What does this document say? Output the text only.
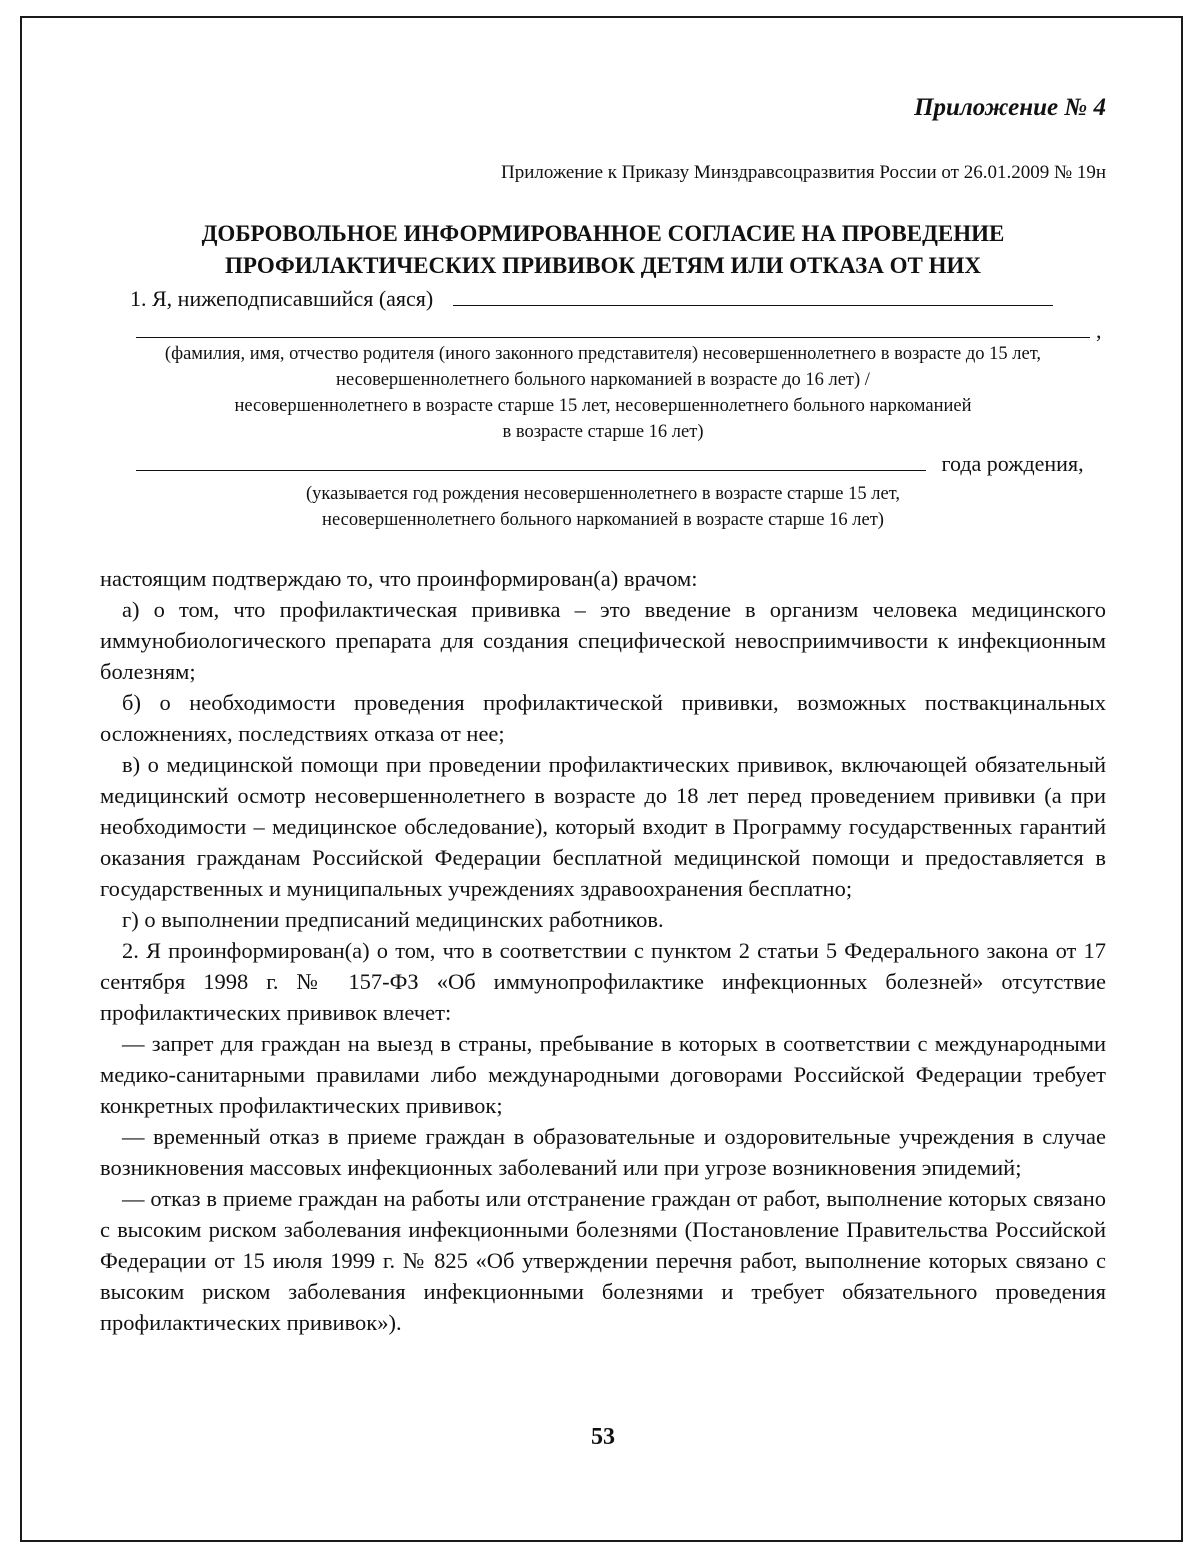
Приложение № 4
Приложение к Приказу Минздравсоцразвития России от 26.01.2009 № 19н
ДОБРОВОЛЬНОЕ ИНФОРМИРОВАННОЕ СОГЛАСИЕ НА ПРОВЕДЕНИЕ
ПРОФИЛАКТИЧЕСКИХ ПРИВИВОК ДЕТЯМ ИЛИ ОТКАЗА ОТ НИХ
1. Я, нижеподписавшийся (аяся)
,
(фамилия, имя, отчество родителя (иного законного представителя) несовершеннолетнего в возрасте до 15 лет,
несовершеннолетнего больного наркоманией в возрасте до 16 лет) /
несовершеннолетнего в возрасте старше 15 лет, несовершеннолетнего больного наркоманией
в возрасте старше 16 лет)
года рождения,
(указывается год рождения несовершеннолетнего в возрасте старше 15 лет,
несовершеннолетнего больного наркоманией в возрасте старше 16 лет)

настоящим подтверждаю то, что проинформирован(а) врачом:

а) о том, что профилактическая прививка – это введение в организм человека медицинского иммунобиологического препарата для создания специфической невосприимчивости к инфекционным болезням;

б) о необходимости проведения профилактической прививки, возможных поствакцинальных осложнениях, последствиях отказа от нее;

в) о медицинской помощи при проведении профилактических прививок, включающей обязательный медицинский осмотр несовершеннолетнего в возрасте до 18 лет перед проведением прививки (а при необходимости – медицинское обследование), который входит в Программу государственных гарантий оказания гражданам Российской Федерации бесплатной медицинской помощи и предоставляется в государственных и муниципальных учреждениях здравоохранения бесплатно;

г) о выполнении предписаний медицинских работников.

2. Я проинформирован(а) о том, что в соответствии с пунктом 2 статьи 5 Федерального закона от 17 сентября 1998 г. № 157-ФЗ «Об иммунопрофилактике инфекционных болезней» отсутствие профилактических прививок влечет:

— запрет для граждан на выезд в страны, пребывание в которых в соответствии с международными медико-санитарными правилами либо международными договорами Российской Федерации требует конкретных профилактических прививок;

— временный отказ в приеме граждан в образовательные и оздоровительные учреждения в случае возникновения массовых инфекционных заболеваний или при угрозе возникновения эпидемий;

— отказ в приеме граждан на работы или отстранение граждан от работ, выполнение которых связано с высоким риском заболевания инфекционными болезнями (Постановление Правительства Российской Федерации от 15 июля 1999 г. № 825 «Об утверждении перечня работ, выполнение которых связано с высоким риском заболевания инфекционными болезнями и требует обязательного проведения профилактических прививок»).

53
